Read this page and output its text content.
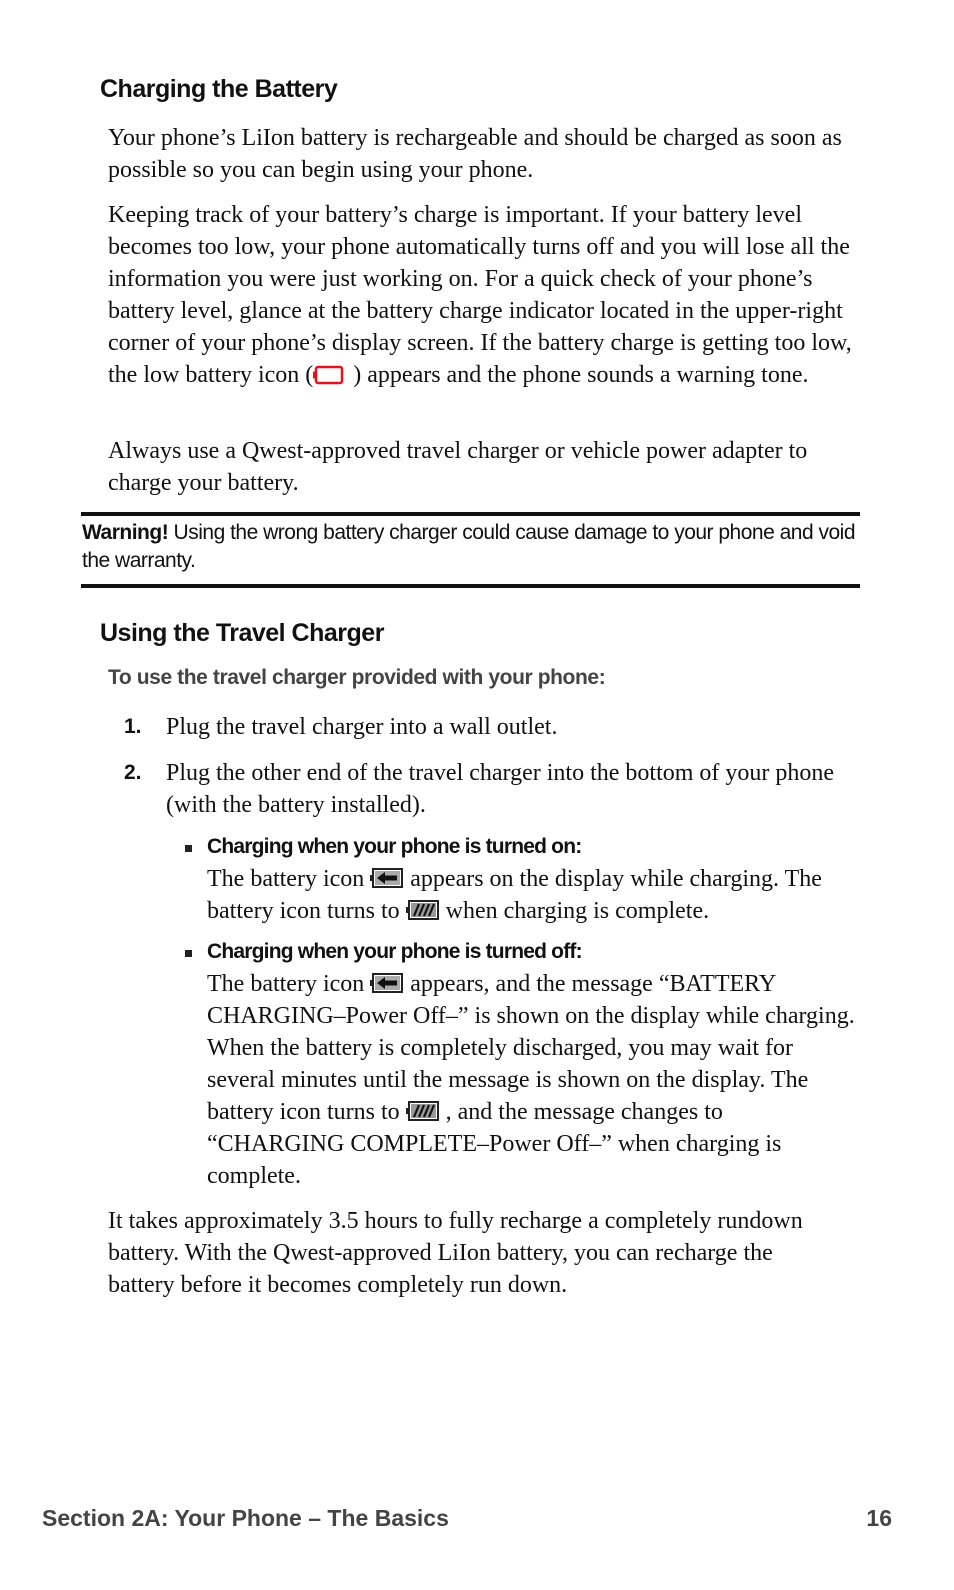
Charging the Battery

Your phone’s LiIon battery is rechargeable and should be charged as soon as possible so you can begin using your phone.

Keeping track of your battery’s charge is important. If your battery level becomes too low, your phone automatically turns off and you will lose all the information you were just working on. For a quick check of your phone’s battery level, glance at the battery charge indicator located in the upper-right corner of your phone’s display screen. If the battery charge is getting too low, the low battery icon (
) appears and the phone sounds a warning tone.

Always use a Qwest-approved travel charger or vehicle power adapter to charge your battery.

Warning! Using the wrong battery charger could cause damage to your phone and void the warranty.
Using the Travel Charger

To use the travel charger provided with your phone:

1. Plug the travel charger into a wall outlet.
2. Plug the other end of the travel charger into the bottom of your phone (with the battery installed).
Charging when your phone is turned on:
The battery icon
appears on the display while charging. The battery icon turns to
when charging is complete.
Charging when your phone is turned off:
The battery icon
appears, and the message “BATTERY CHARGING–Power Off–” is shown on the display while charging. When the battery is completely discharged, you may wait for several minutes until the message is shown on the display. The battery icon turns to
, and the message changes to “CHARGING COMPLETE–Power Off–” when charging is complete.

It takes approximately 3.5 hours to fully recharge a completely rundown battery. With the Qwest-approved LiIon battery, you can recharge the battery before it becomes completely run down.

Section 2A: Your Phone – The Basics	16
